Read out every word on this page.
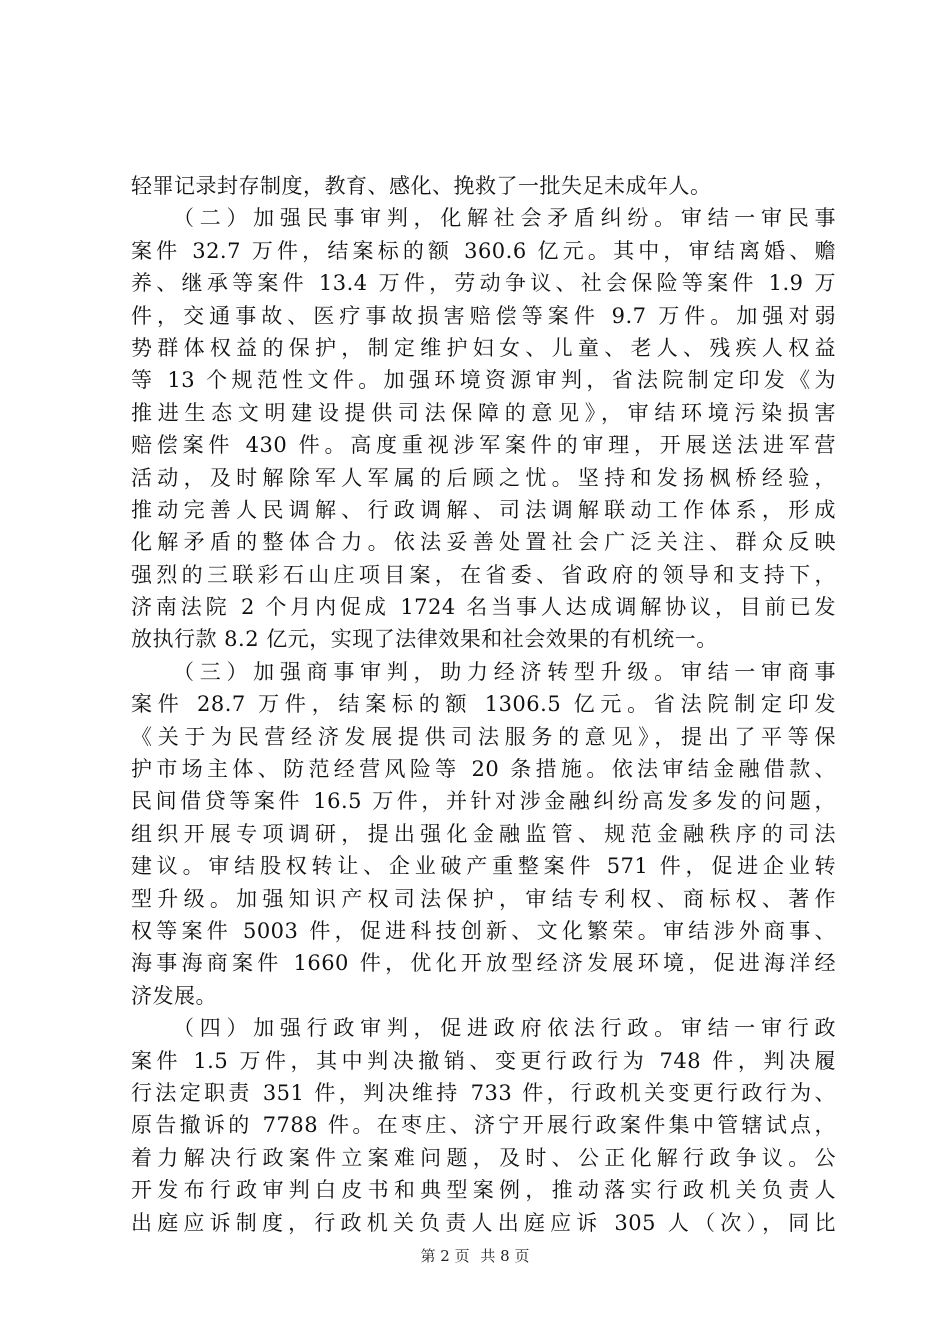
轻罪记录封存制度，教育、感化、挽救了一批失足未成年人。
（二）加强民事审判，化解社会矛盾纠纷。审结一审民事
案件 32.7 万件，结案标的额 360.6 亿元。其中，审结离婚、赡
养、继承等案件 13.4 万件，劳动争议、社会保险等案件 1.9 万
件，交通事故、医疗事故损害赔偿等案件 9.7 万件。加强对弱
势群体权益的保护，制定维护妇女、儿童、老人、残疾人权益
等 13 个规范性文件。加强环境资源审判，省法院制定印发《为
推进生态文明建设提供司法保障的意见》，审结环境污染损害
赔偿案件 430 件。高度重视涉军案件的审理，开展送法进军营
活动，及时解除军人军属的后顾之忧。坚持和发扬枫桥经验，
推动完善人民调解、行政调解、司法调解联动工作体系，形成
化解矛盾的整体合力。依法妥善处置社会广泛关注、群众反映
强烈的三联彩石山庄项目案，在省委、省政府的领导和支持下，
济南法院 2 个月内促成 1724 名当事人达成调解协议，目前已发
放执行款 8.2 亿元，实现了法律效果和社会效果的有机统一。
（三）加强商事审判，助力经济转型升级。审结一审商事
案件 28.7 万件，结案标的额 1306.5 亿元。省法院制定印发
《关于为民营经济发展提供司法服务的意见》，提出了平等保
护市场主体、防范经营风险等 20 条措施。依法审结金融借款、
民间借贷等案件 16.5 万件，并针对涉金融纠纷高发多发的问题，
组织开展专项调研，提出强化金融监管、规范金融秩序的司法
建议。审结股权转让、企业破产重整案件 571 件，促进企业转
型升级。加强知识产权司法保护，审结专利权、商标权、著作
权等案件 5003 件，促进科技创新、文化繁荣。审结涉外商事、
海事海商案件 1660 件，优化开放型经济发展环境，促进海洋经
济发展。
（四）加强行政审判，促进政府依法行政。审结一审行政
案件 1.5 万件，其中判决撤销、变更行政行为 748 件，判决履
行法定职责 351 件，判决维持 733 件，行政机关变更行政行为、
原告撤诉的 7788 件。在枣庄、济宁开展行政案件集中管辖试点，
着力解决行政案件立案难问题，及时、公正化解行政争议。公
开发布行政审判白皮书和典型案例，推动落实行政机关负责人
出庭应诉制度，行政机关负责人出庭应诉 305 人（次），同比
第 2 页 共 8 页
